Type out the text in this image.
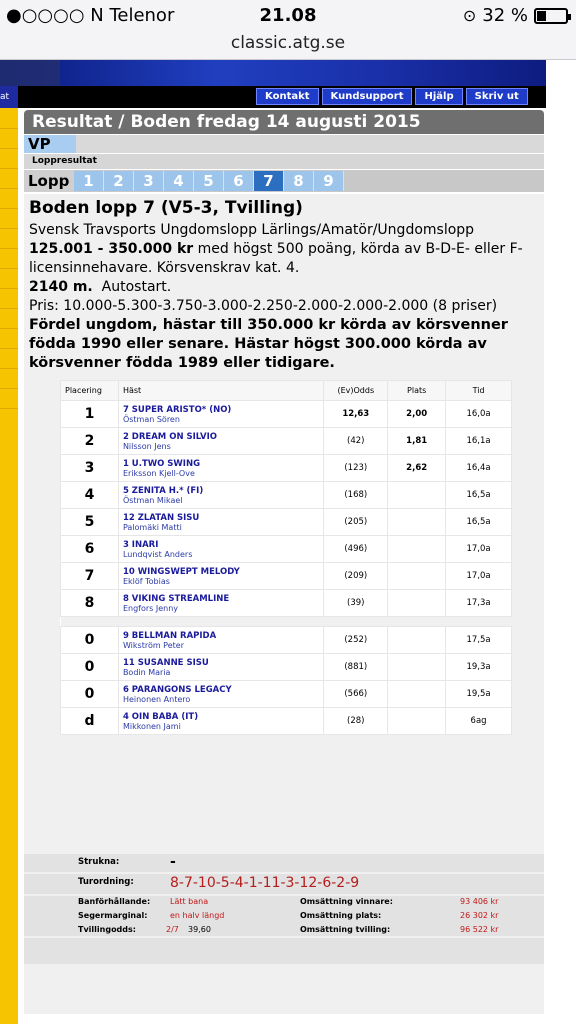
●○○○○ N Telenor	21.08	⊙ 32 %
classic.atg.se
at	Kontakt	Kundsupport	Hjälp	Skriv ut
Resultat / Boden fredag 14 augusti 2015
VP
Loppresultat
Lopp 1	2	3	4	5	6	7	8	9
Boden lopp 7 (V5-3, Tvilling)
Svensk Travsports Ungdomslopp Lärlings/Amatör/Ungdomslopp
125.001 - 350.000 kr med högst 500 poäng, körda av B-D-E- eller F- licensinnehavare. Körsvenskrav kat. 4.
2140 m. Autostart.
Pris: 10.000-5.300-3.750-3.000-2.250-2.000-2.000-2.000 (8 priser)
Fördel ungdom, hästar till 350.000 kr körda av körsvenner födda 1990 eller senare. Hästar högst 300.000 körda av körsvenner födda 1989 eller tidigare.
Placering	Häst	(Ev)Odds	Plats	Tid
1	7 SUPER ARISTO* (NO)
Östman Sören	12,63	2,00	16,0a
2	2 DREAM ON SILVIO
Nilsson Jens	(42)	1,81	16,1a
3	1 U.TWO SWING
Eriksson Kjell-Ove	(123)	2,62	16,4a
4	5 ZENITA H.* (FI)
Östman Mikael	(168)		16,5a
5	12 ZLATAN SISU
Palomäki Matti	(205)		16,5a
6	3 INARI
Lundqvist Anders	(496)		17,0a
7	10 WINGSWEPT MELODY
Eklöf Tobias	(209)		17,0a
8	8 VIKING STREAMLINE
Engfors Jenny	(39)		17,3a

0	9 BELLMAN RAPIDA
Wikström Peter	(252)		17,5a
0	11 SUSANNE SISU
Bodin Maria	(881)		19,3a
0	6 PARANGONS LEGACY
Heinonen Antero	(566)		19,5a
d	4 OIN BABA (IT)
Mikkonen Jami	(28)		6ag
Strukna:	-
Turordning:	8-7-10-5-4-1-11-3-12-6-2-9
Banförhållande: Lätt bana
Segermarginal:	en halv längd
Tvillingodds:	2/7 39,60
Omsättning vinnare:	93 406 kr
Omsättning plats:	26 302 kr
Omsättning tvilling:	96 522 kr
